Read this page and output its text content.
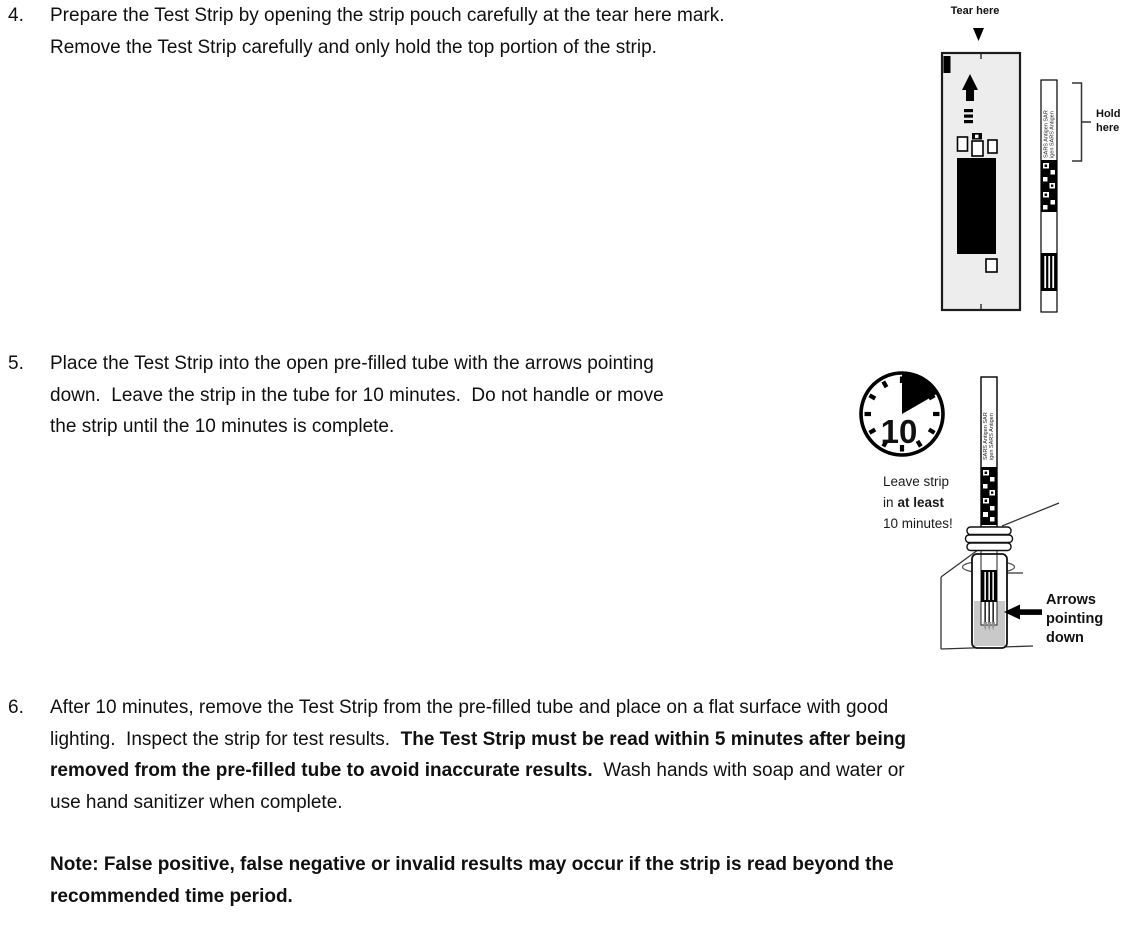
4.	Prepare the Test Strip by opening the strip pouch carefully at the tear here mark.
Remove the Test Strip carefully and only hold the top portion of the strip.
5.	Place the Test Strip into the open pre-filled tube with the arrows pointing
down.  Leave the strip in the tube for 10 minutes.  Do not handle or move
the strip until the 10 minutes is complete.
6.	After 10 minutes, remove the Test Strip from the pre-filled tube and place on a flat surface with good
lighting.  Inspect the strip for test results.  The Test Strip must be read within 5 minutes after being
removed from the pre-filled tube to avoid inaccurate results.  Wash hands with soap and water or
use hand sanitizer when complete.
Note: False positive, false negative or invalid results may occur if the strip is read beyond the
recommended time period.
Tear here
SARS Antigen SAR igen SARS Antigen	Hold
here
SARS Antigen SAR igen SARS Antigen
10
Leave strip
in at least
10 minutes!
Arrows
pointing
down
